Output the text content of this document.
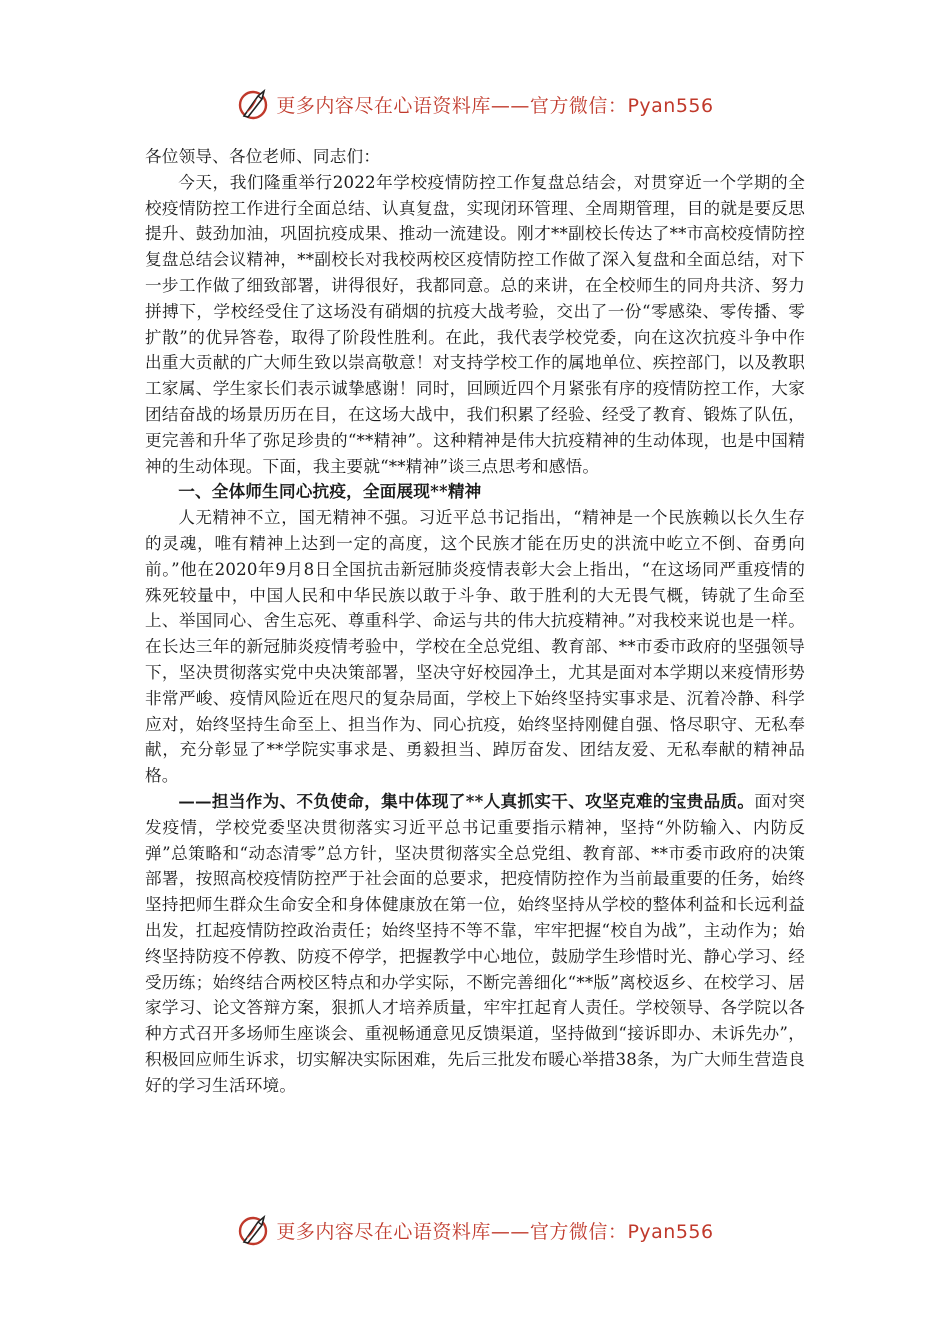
更多内容尽在心语资料库——官方微信：Pyan556

各位领导、各位老师、同志们：

今天，我们隆重举行2022年学校疫情防控工作复盘总结会，对贯穿近一个学期的全校疫情防控工作进行全面总结、认真复盘，实现闭环管理、全周期管理，目的就是要反思提升、鼓劲加油，巩固抗疫成果、推动一流建设。刚才**副校长传达了**市高校疫情防控复盘总结会议精神，**副校长对我校两校区疫情防控工作做了深入复盘和全面总结，对下一步工作做了细致部署，讲得很好，我都同意。总的来讲，在全校师生的同舟共济、努力拼搏下，学校经受住了这场没有硝烟的抗疫大战考验，交出了一份“零感染、零传播、零扩散”的优异答卷，取得了阶段性胜利。在此，我代表学校党委，向在这次抗疫斗争中作出重大贡献的广大师生致以崇高敬意！对支持学校工作的属地单位、疾控部门，以及教职工家属、学生家长们表示诚挚感谢！同时，回顾近四个月紧张有序的疫情防控工作，大家团结奋战的场景历历在目，在这场大战中，我们积累了经验、经受了教育、锻炼了队伍，更完善和升华了弥足珍贵的“**精神”。这种精神是伟大抗疫精神的生动体现，也是中国精神的生动体现。下面，我主要就“**精神”谈三点思考和感悟。

一、全体师生同心抗疫，全面展现**精神

人无精神不立，国无精神不强。习近平总书记指出，“精神是一个民族赖以长久生存的灵魂，唯有精神上达到一定的高度，这个民族才能在历史的洪流中屹立不倒、奋勇向前。”他在2020年9月8日全国抗击新冠肺炎疫情表彰大会上指出，“在这场同严重疫情的殊死较量中，中国人民和中华民族以敢于斗争、敢于胜利的大无畏气概，铸就了生命至上、举国同心、舍生忘死、尊重科学、命运与共的伟大抗疫精神。”对我校来说也是一样。在长达三年的新冠肺炎疫情考验中，学校在全总党组、教育部、**市委市政府的坚强领导下，坚决贯彻落实党中央决策部署，坚决守好校园净土，尤其是面对本学期以来疫情形势非常严峻、疫情风险近在咫尺的复杂局面，学校上下始终坚持实事求是、沉着冷静、科学应对，始终坚持生命至上、担当作为、同心抗疫，始终坚持刚健自强、恪尽职守、无私奉献，充分彰显了**学院实事求是、勇毅担当、踔厉奋发、团结友爱、无私奉献的精神品格。

——担当作为、不负使命，集中体现了**人真抓实干、攻坚克难的宝贵品质。面对突发疫情，学校党委坚决贯彻落实习近平总书记重要指示精神，坚持“外防输入、内防反弹”总策略和“动态清零”总方针，坚决贯彻落实全总党组、教育部、**市委市政府的决策部署，按照高校疫情防控严于社会面的总要求，把疫情防控作为当前最重要的任务，始终坚持把师生群众生命安全和身体健康放在第一位，始终坚持从学校的整体利益和长远利益出发，扛起疫情防控政治责任；始终坚持不等不靠，牢牢把握“校自为战”，主动作为；始终坚持防疫不停教、防疫不停学，把握教学中心地位，鼓励学生珍惜时光、静心学习、经受历练；始终结合两校区特点和办学实际，不断完善细化“**版”离校返乡、在校学习、居家学习、论文答辩方案，狠抓人才培养质量，牢牢扛起育人责任。学校领导、各学院以各种方式召开多场师生座谈会、重视畅通意见反馈渠道，坚持做到“接诉即办、未诉先办”，积极回应师生诉求，切实解决实际困难，先后三批发布暖心举措38条，为广大师生营造良好的学习生活环境。

更多内容尽在心语资料库——官方微信：Pyan556
